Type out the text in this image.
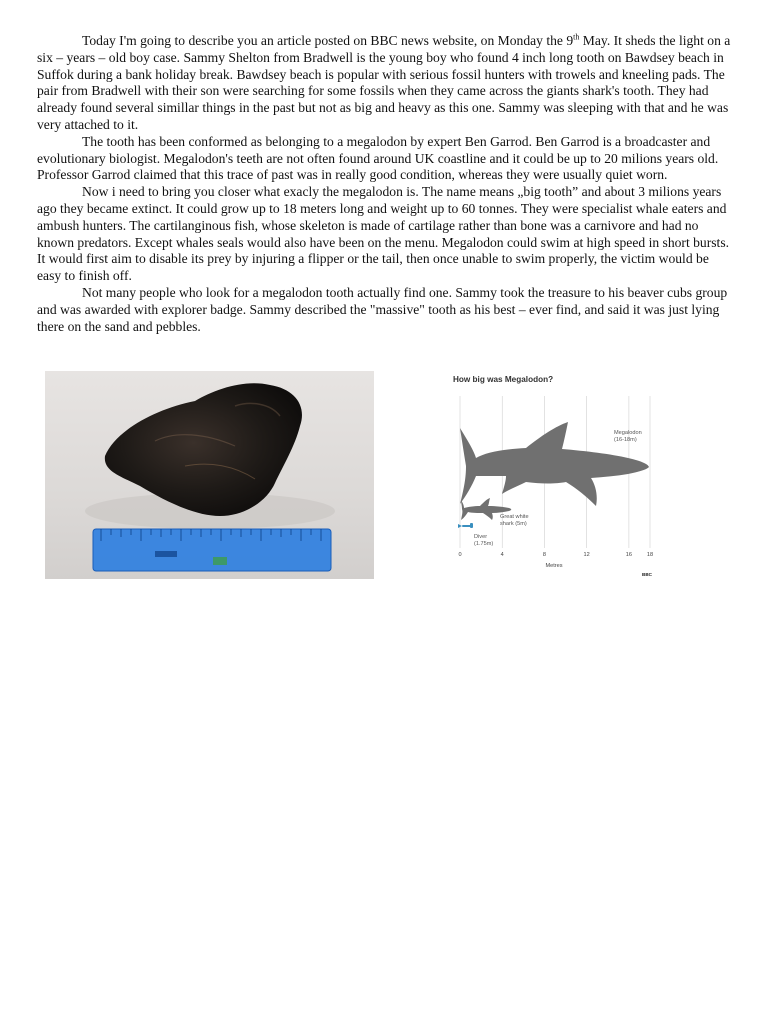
Today I'm going to describe you an article posted on BBC news website, on Monday the 9th May. It sheds the light on a six – years – old boy case. Sammy Shelton from Bradwell is the young boy who found 4 inch long tooth on Bawdsey beach in Suffok during a bank holiday break. Bawdsey beach is popular with serious fossil hunters with trowels and kneeling pads. The pair from Bradwell with their son were searching for some fossils when they came across the giants shark's tooth. They had already found several simillar things in the past but not as big and heavy as this one. Sammy was sleeping with that and he was very attached to it.

The tooth has been conformed as belonging to a megalodon by expert Ben Garrod. Ben Garrod is a broadcaster and evolutionary biologist. Megalodon's teeth are not often found around UK coastline and it could be up to 20 milions years old. Professor Garrod claimed that this trace of past was in really good condition, whereas they were usually quiet worn.

Now i need to bring you closer what exacly the megalodon is. The name means „big tooth” and about 3 milions years ago they became extinct. It could grow up to 18 meters long and weight up to 60 tonnes. They were specialist whale eaters and ambush hunters. The cartilanginous fish, whose skeleton is made of cartilage rather than bone was a carnivore and had no known predators. Except whales seals would also have been on the menu. Megalodon could swim at high speed in short bursts. It would first aim to disable its prey by injuring a flipper or the tail, then once unable to swim properly, the victim would be easy to finish off.

Not many people who look for a megalodon tooth actually find one. Sammy took the treasure to his beaver cubs group and was awarded with explorer badge. Sammy described the "massive" tooth as his best – ever find, and said it was just lying there on the sand and pebbles.

How big was Megalodon?
Megalodon
(16-18m)
Great white
shark (5m)
Diver
(1.75m)
0	4	8	12	16	18
Metres
BBC
